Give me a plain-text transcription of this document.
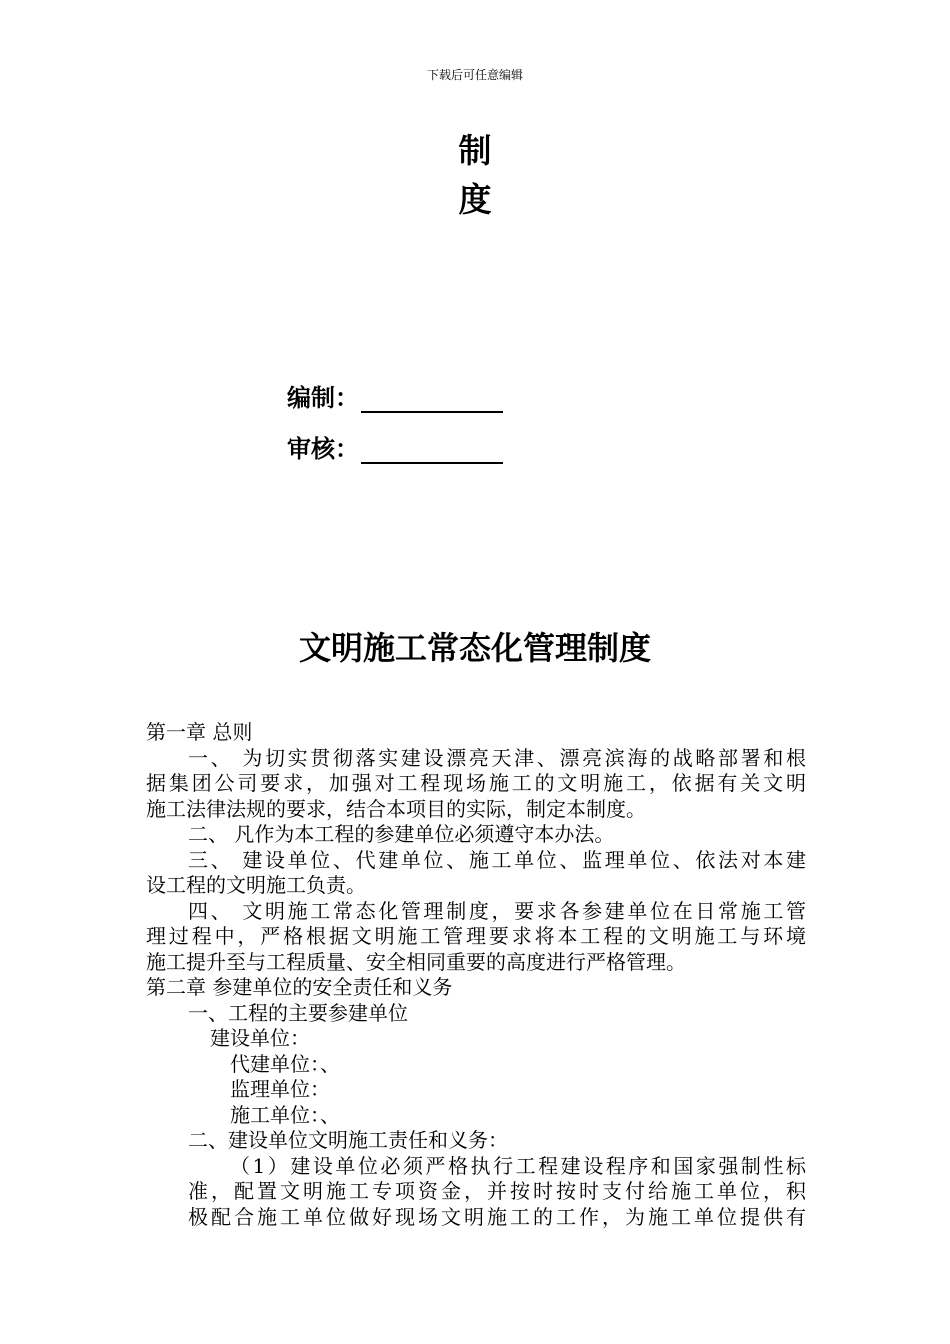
下载后可任意编辑
制
度
编制：
审核：
文明施工常态化管理制度
第一章 总则
一、 为切实贯彻落实建设漂亮天津、漂亮滨海的战略部署和根
据集团公司要求，加强对工程现场施工的文明施工，依据有关文明
施工法律法规的要求，结合本项目的实际，制定本制度。
二、 凡作为本工程的参建单位必须遵守本办法。
三、 建设单位、代建单位、施工单位、监理单位、依法对本建
设工程的文明施工负责。
四、 文明施工常态化管理制度，要求各参建单位在日常施工管
理过程中，严格根据文明施工管理要求将本工程的文明施工与环境
施工提升至与工程质量、安全相同重要的高度进行严格管理。
第二章 参建单位的安全责任和义务
一、工程的主要参建单位
建设单位：
代建单位：、
监理单位：
施工单位：、
二、建设单位文明施工责任和义务：
（1）建设单位必须严格执行工程建设程序和国家强制性标
准，配置文明施工专项资金，并按时按时支付给施工单位，积
极配合施工单位做好现场文明施工的工作，为施工单位提供有
